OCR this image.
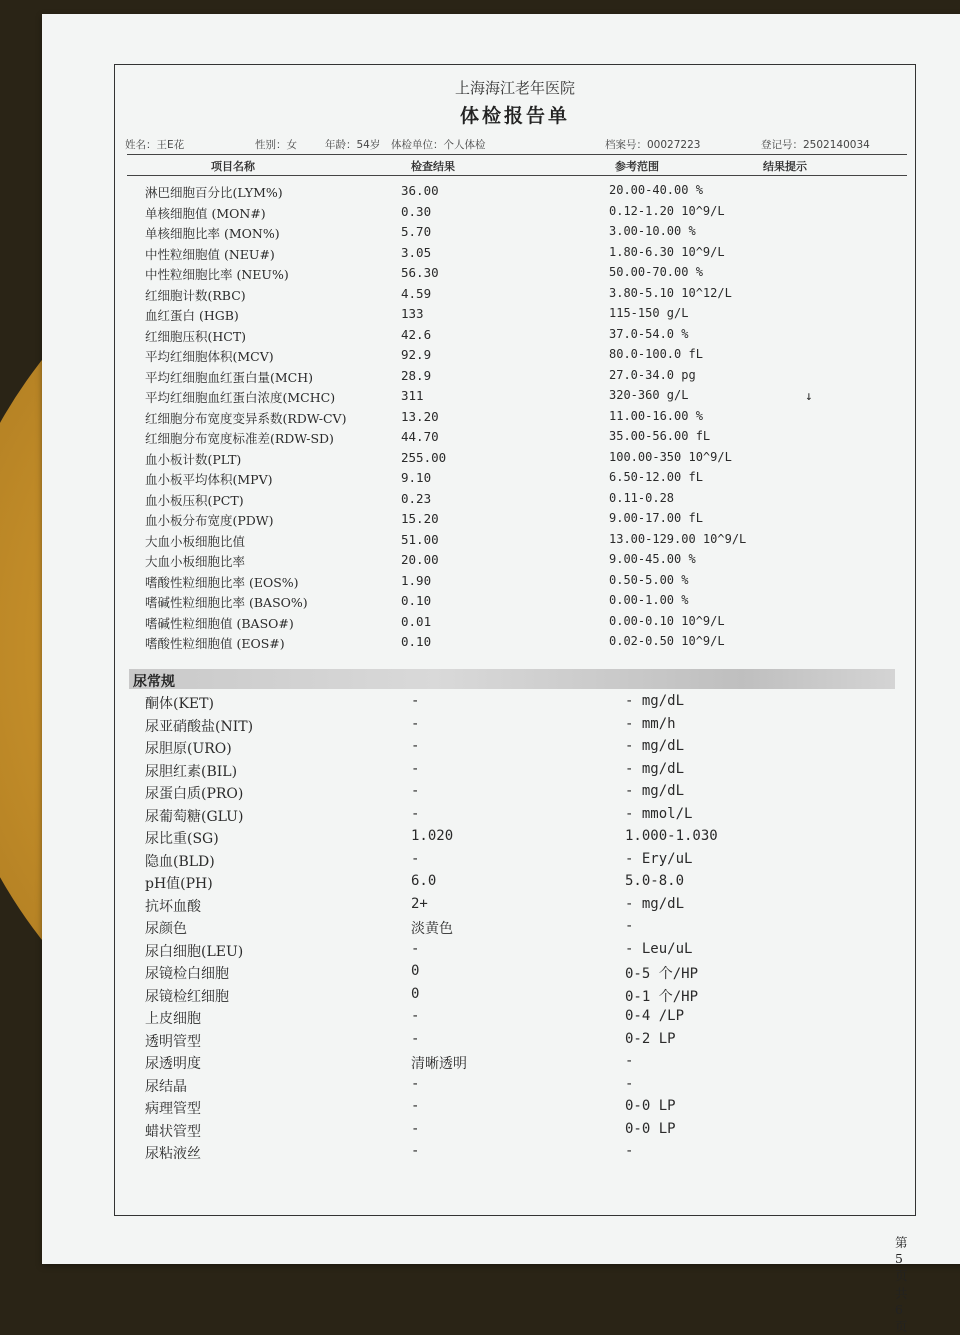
上海海江老年医院
体检报告单
姓名：王E花	性别：女	年龄：54岁 体检单位：个人体检	档案号：00027223	登记号：2502140034
项目名称	检查结果	参考范围	结果提示
淋巴细胞百分比(LYM%)	36.00	20.00-40.00 %
单核细胞值 (MON#)	0.30	0.12-1.20 10^9/L
单核细胞比率 (MON%)	5.70	3.00-10.00 %
中性粒细胞值 (NEU#)	3.05	1.80-6.30 10^9/L
中性粒细胞比率 (NEU%)	56.30	50.00-70.00 %
红细胞计数(RBC)	4.59	3.80-5.10 10^12/L
血红蛋白 (HGB)	133	115-150 g/L
红细胞压积(HCT)	42.6	37.0-54.0 %
平均红细胞体积(MCV)	92.9	80.0-100.0 fL
平均红细胞血红蛋白量(MCH)	28.9	27.0-34.0 pg
平均红细胞血红蛋白浓度(MCHC)	311	320-360 g/L	↓
红细胞分布宽度变异系数(RDW-CV)	13.20	11.00-16.00 %
红细胞分布宽度标准差(RDW-SD)	44.70	35.00-56.00 fL
血小板计数(PLT)	255.00	100.00-350 10^9/L
血小板平均体积(MPV)	9.10	6.50-12.00 fL
血小板压积(PCT)	0.23	0.11-0.28
血小板分布宽度(PDW)	15.20	9.00-17.00 fL
大血小板细胞比值	51.00	13.00-129.00 10^9/L
大血小板细胞比率	20.00	9.00-45.00 %
嗜酸性粒细胞比率 (EOS%)	1.90	0.50-5.00 %
嗜碱性粒细胞比率 (BASO%)	0.10	0.00-1.00 %
嗜碱性粒细胞值 (BASO#)	0.01	0.00-0.10 10^9/L
嗜酸性粒细胞值 (EOS#)	0.10	0.02-0.50 10^9/L
尿常规
酮体(KET)	-	- mg/dL
尿亚硝酸盐(NIT)	-	- mm/h
尿胆原(URO)	-	- mg/dL
尿胆红素(BIL)	-	- mg/dL
尿蛋白质(PRO)	-	- mg/dL
尿葡萄糖(GLU)	-	- mmol/L
尿比重(SG)	1.020	1.000-1.030
隐血(BLD)	-	- Ery/uL
pH值(PH)	6.0	5.0-8.0
抗坏血酸	2+	- mg/dL
尿颜色	淡黄色	-
尿白细胞(LEU)	-	- Leu/uL
尿镜检白细胞	0	0-5 个/HP
尿镜检红细胞	0	0-1 个/HP
上皮细胞	-	0-4 /LP
透明管型	-	0-2 LP
尿透明度	清晰透明	-
尿结晶	-	-
病理管型	-	0-0 LP
蜡状管型	-	0-0 LP
尿粘液丝	-	-
第5页共6页
